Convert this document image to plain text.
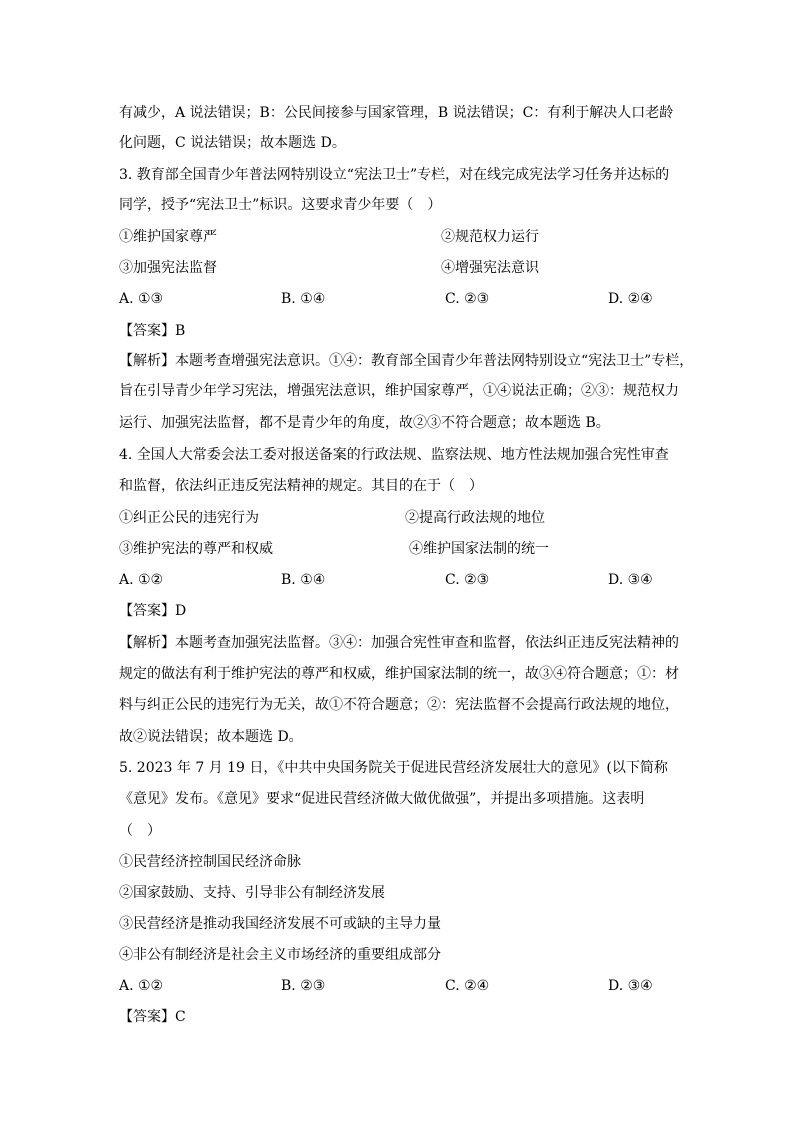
有减少，A 说法错误；B：公民间接参与国家管理，B 说法错误；C：有利于解决人口老龄
化问题，C 说法错误；故本题选 D。
3. 教育部全国青少年普法网特别设立“宪法卫士”专栏，对在线完成宪法学习任务并达标的
同学，授予“宪法卫士”标识。这要求青少年要（　）
①维护国家尊严	②规范权力运行
③加强宪法监督	④增强宪法意识
A. ①③	B. ①④	C. ②③	D. ②④
【答案】B
【解析】本题考查增强宪法意识。①④：教育部全国青少年普法网特别设立“宪法卫士”专栏，
旨在引导青少年学习宪法，增强宪法意识，维护国家尊严，①④说法正确；②③：规范权力
运行、加强宪法监督，都不是青少年的角度，故②③不符合题意；故本题选 B。
4. 全国人大常委会法工委对报送备案的行政法规、监察法规、地方性法规加强合宪性审查
和监督，依法纠正违反宪法精神的规定。其目的在于（　）
①纠正公民的违宪行为	②提高行政法规的地位
③维护宪法的尊严和权威	④维护国家法制的统一
A. ①②	B. ①④	C. ②③	D. ③④
【答案】D
【解析】本题考查加强宪法监督。③④：加强合宪性审查和监督，依法纠正违反宪法精神的
规定的做法有利于维护宪法的尊严和权威，维护国家法制的统一，故③④符合题意；①：材
料与纠正公民的违宪行为无关，故①不符合题意；②：宪法监督不会提高行政法规的地位，
故②说法错误；故本题选 D。
5. 2023 年 7 月 19 日，《中共中央国务院关于促进民营经济发展壮大的意见》(以下简称
《意见》发布。《意见》要求“促进民营经济做大做优做强”，并提出多项措施。这表明
（　）
①民营经济控制国民经济命脉
②国家鼓励、支持、引导非公有制经济发展
③民营经济是推动我国经济发展不可或缺的主导力量
④非公有制经济是社会主义市场经济的重要组成部分
A. ①②	B. ②③	C. ②④	D. ③④
【答案】C
